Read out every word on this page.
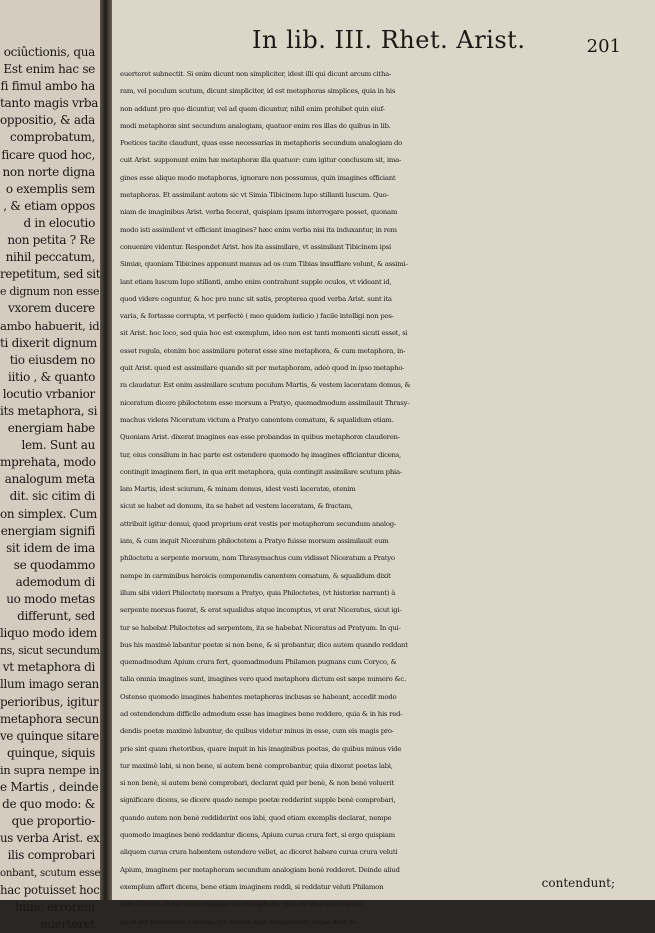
ociûctionis, qua
Est enim hac se
fi fimul ambo ha
tanto magis vrba
oppositio, & ada
comprobatum,
ficare quod hoc,
non norte digna
o exemplis sem
, & etiam oppos
d in elocutio
non petita ? Re
nihil peccatum,
repetitum, sed sit
e dignum non esse
vxorem ducere
ambo habuerit, id
ti dixerit dignum
tio eiusdem no
iitio , & quanto
locutio vrbanior
its metaphora, si
energiam habe
lem. Sunt au
mprehata, modo
analogum meta
dit. sic citim di
on simplex. Cum
energiam signifi
sit idem de ima
se quodammo
ademodum di
uo modo metas
differunt, sed
liquo modo idem
ns, sicut secundum
vt metaphora di
llum imago seran
perioribus, igitur
metaphora secun
ve quinque sitare
quinque, siquis
in supra nempe in
e Martis , deinde
de quo modo: &
que proportio-
us verba Arist. ex
ilis comprobari
onbant, scutum esse
hac potuisset hoc
hunc errorem
euerteret
In lib. III. Rhet. Arist.	201
euerteret subnectit. Si enim dicunt non simpliciter, idest illi qui dicunt arcum citha-
ram, vel poculum scutum, dicunt simpliciter, id est metaphoras simplices, quia in his
non addunt pro quo dicuntur, vel ad quem dicuntur, nihil enim prohibet quin eiuf-
modi metaphoræ sint secundum analogiam, quatuor enim res illas de quibus in lib.
Poetices tacite claudunt, quas esse necessarias in metaphoris secundum analogiam do
cuit Arist. supponunt enim hæ metaphoræ illa quatuor: cum igitur conclusum sit, ima-
gines esse aliquo modo metaphoras, ignorare non possumus, quin imagines efficiant
metaphoras. Et assimilant autem sic vt Simia Tibicinem lupo stillanti luscum. Quo-
niam de imaginibus Arist. verba fecerat, quispiam ipsum interrogare posset, quonam
modo isti assimilent vt efficiant imagines? hæc enim verba nisi ita induxantur, in rem
conuenire videntur. Respondet Arist. hos ita assimilare, vt assimilant Tibicinem ipsi
Simiæ, quoniam Tibicines apponunt manus ad os cum Tibias insufflare volunt, & assimi-
lant etiam luscum lupo stillanti, ambo enim contrahunt supple oculos, vt videant id,
quod videre coguntur, & hoc pro nunc sit satis, propterea quod verba Arist. sunt ita
varia, & fortasse corrupta, vt perfectè ( meo quidem iudicio ) facile intelligi non pos-
sit Arist. hoc loco, sed quia hoc est exemplum, ideo non est tanti momenti sicuti esset, si
esset regula, etenim hoc assimilare poterat esse sine metaphora, & cum metaphora, in-
quit Arist. quod est assimilare quando sit per metaphoram, adeò quod in ipso metapho-
ra claudatur. Est enim assimilare scutum poculum Martis, & vestem laceratam domus, &
niceratum dicere philoctetem esse morsum a Pratyo, quemadmodum assimilauit Thrasy-
machus videns Niceratum victum a Pratyo canentem comatum, & squalidum etiam.
Quoniam Arist. dixerat imagines eas esse probandas in quibus metaphoræ clauderen-
tur, eius consilium in hac parte est ostendere quomodo hę imagines efficiantur dicens,
contingit imaginem fieri, in qua erit metaphora, quia contingit assimilare scutum phia-
lam Martis, idest sciuram, & minam domus, idest vesti laceratæ, etenim
sicut se habet ad domum, ita se habet ad vestem laceratam, & fractam,
attribuit igitur domui, quod proprium erat vestis per metaphoram secundum analog-
iam, & cum inquit Niceratum philoctetem a Pratyo fuisse morsum assimilauit eum
philoctetu a serpente morsum, nam Thrasymachus cum vidisset Niceratum a Pratyo
nempe in carminibus heroicis componendis canentem comatum, & squalidum dixit
illum sibi videri Philoctetę morsum a Pratyo, quia Philoctetes, (vt historiæ narrant) à
serpente morsus fuerat, & erat squalidus atque incomptus, vt erat Niceratus, sicut igi-
tur se habebat Philoctetes ad serpentem, ita se habebat Niceratus ad Pratyum. In qui-
bus his maximè labantur poetæ si non bene, & si probantur, dico autem quando reddant
quemadmodum Apium crura fert, quemadmodum Philamon pugnans cum Coryco, &
talia omnia imagines sunt, imagines vero quod metaphora dictum est sæpe numero &c.
Ostenso quomodo imagines habentes metaphoras inclusas se habeant, accedit modo
ad ostendendum difficile admodum esse has imagines bene reddere, quia & in his red-
dendis poetæ maximè labuntur, de quibus videtur minus in esse, cum eis magis pro-
prie sint quam rhetoribus, quare inquit in his imaginibus poetas, de quibus minus vide
tur maximè labi, si non bene, si autem benè comprobantur, quia dixerat poetas labi,
si non benè, si autem benè comprobari, declarat quid per benè, & non benè voluerit
significare dicens, se dicere quado nempe poetæ redderint supple benè comprobari,
quando autem non benè reddiderint eos labi, quod etiam exemplis declarat, nempe
quomodo imagines benè reddantur dicens, Apium curua crura fert, si ergo quispiam
aliquem curua crura habentem ostendere vellet, ac diceret habere curua crura veluti
Apium, imaginem per metaphoram secundum analogiam benè redderet. Deinde aliud
exemplum affert dicens, bene etiam imaginem reddi, si reddatur veluti Philamon
cum Coryco, in hac enim imagine est metaphora, quia est illud participium
quod est translatum a bobus, qui eodem iugo subijciuntur, atque inter se
contendunt;
